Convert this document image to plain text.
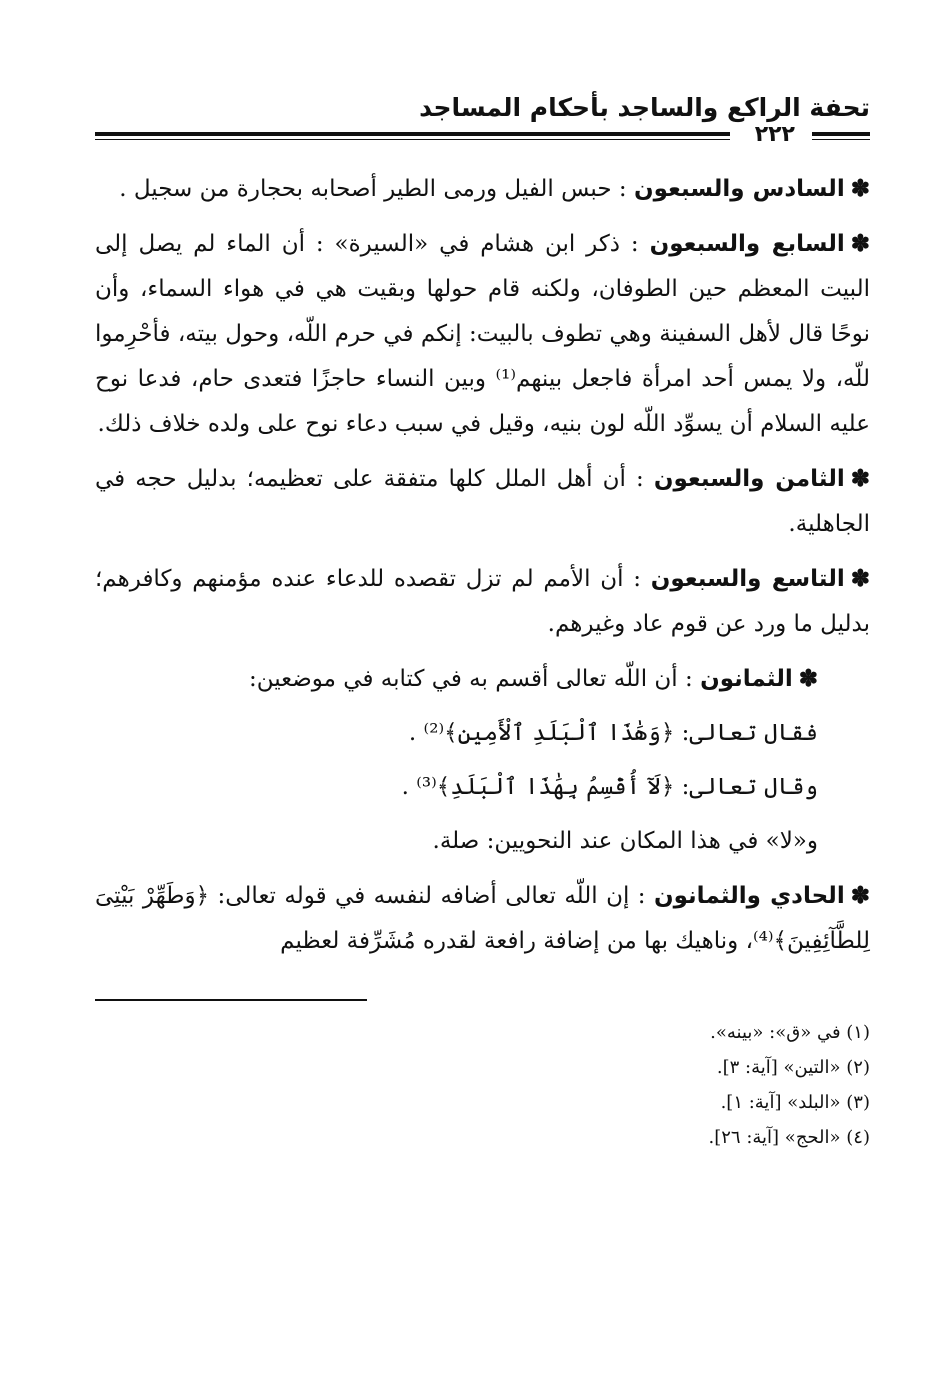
تحفة الراكع والساجد بأحكام المساجد
٢٢٢

✽السادس والسبعون : حبس الفيل ورمى الطير أصحابه بحجارة من سجيل .

✽السابع والسبعون : ذكر ابن هشام في «السيرة» : أن الماء لم يصل إلى البيت المعظم حين الطوفان، ولكنه قام حولها وبقيت هي في هواء السماء، وأن نوحًا قال لأهل السفينة وهي تطوف بالبيت: إنكم في حرم اللّه، وحول بيته، فأحْرِموا للّه، ولا يمس أحد امرأة فاجعل بينهم⁽¹⁾ وبين النساء حاجزًا فتعدى حام، فدعا نوح عليه السلام أن يسوِّد اللّه لون بنيه، وقيل في سبب دعاء نوح على ولده خلاف ذلك.

✽الثامن والسبعون : أن أهل الملل كلها متفقة على تعظيمه؛ بدليل حجه في الجاهلية.

✽التاسع والسبعون : أن الأمم لم تزل تقصده للدعاء عنده مؤمنهم وكافرهم؛ بدليل ما ورد عن قوم عاد وغيرهم.

✽الثمانون : أن اللّه تعالى أقسم به في كتابه في موضعين:

فقال تعالى: ﴿وَهَٰذَا ٱلْبَلَدِ ٱلْأَمِينِ﴾⁽²⁾ .

وقال تعالى: ﴿لَآ أُقْسِمُ بِهَٰذَا ٱلْبَلَدِ﴾⁽³⁾ .

و«لا» في هذا المكان عند النحويين: صلة.

✽الحادي والثمانون : إن اللّه تعالى أضافه لنفسه في قوله تعالى: ﴿وَطَهِّرْ بَيْتِىَ لِلطَّآئِفِينَ﴾⁽⁴⁾، وناهيك بها من إضافة رافعة لقدره مُشَرِّفة لعظيم

(١) في «ق»: «بينه».

(٢) «التين» [آية: ٣].

(٣) «البلد» [آية: ١].

(٤) «الحج» [آية: ٢٦].
